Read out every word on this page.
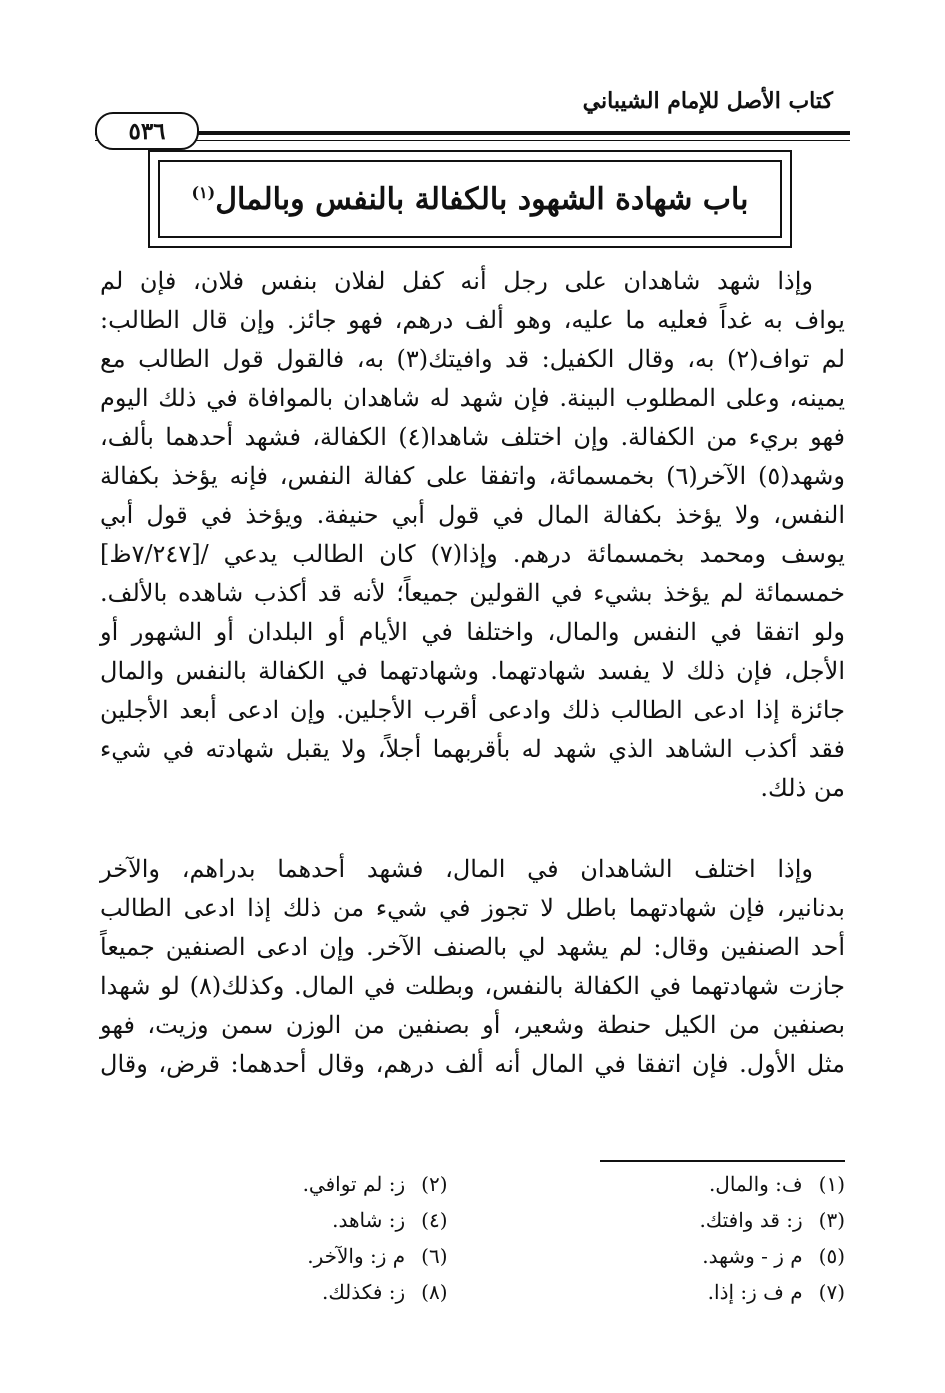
كتاب الأصل للإمام الشيباني
٥٣٦
باب شهادة الشهود بالكفالة بالنفس وبالمال$^{(١)}$
وإذا شهد شاهدان على رجل أنه كفل لفلان بنفس فلان، فإن لم
يواف به غداً فعليه ما عليه، وهو ألف درهم، فهو جائز. وإن قال الطالب:
لم تواف(٢) به، وقال الكفيل: قد وافيتك(٣) به، فالقول قول الطالب مع
يمينه، وعلى المطلوب البينة. فإن شهد له شاهدان بالموافاة في ذلك اليوم
فهو بريء من الكفالة. وإن اختلف شاهدا(٤) الكفالة، فشهد أحدهما بألف،
وشهد(٥) الآخر(٦) بخمسمائة، واتفقا على كفالة النفس، فإنه يؤخذ بكفالة
النفس، ولا يؤخذ بكفالة المال في قول أبي حنيفة. ويؤخذ في قول أبي
يوسف ومحمد بخمسمائة درهم. وإذا(٧) كان الطالب يدعي /[٧/٢٤٧ظ]
خمسمائة لم يؤخذ بشيء في القولين جميعاً؛ لأنه قد أكذب شاهده بالألف.
ولو اتفقا في النفس والمال، واختلفا في الأيام أو البلدان أو الشهور أو
الأجل، فإن ذلك لا يفسد شهادتهما. وشهادتهما في الكفالة بالنفس والمال
جائزة إذا ادعى الطالب ذلك وادعى أقرب الأجلين. وإن ادعى أبعد الأجلين
فقد أكذب الشاهد الذي شهد له بأقربهما أجلاً، ولا يقبل شهادته في شيء
من ذلك.
وإذا اختلف الشاهدان في المال، فشهد أحدهما بدراهم، والآخر
بدنانير، فإن شهادتهما باطل لا تجوز في شيء من ذلك إذا ادعى الطالب
أحد الصنفين وقال: لم يشهد لي بالصنف الآخر. وإن ادعى الصنفين جميعاً
جازت شهادتهما في الكفالة بالنفس، وبطلت في المال. وكذلك(٨) لو شهدا
بصنفين من الكيل حنطة وشعير، أو بصنفين من الوزن سمن وزيت، فهو
مثل الأول. فإن اتفقا في المال أنه ألف درهم، وقال أحدهما: قرض، وقال
(١) ف: والمال.
(٢) ز: لم توافي.
(٣) ز: قد وافتك.
(٤) ز: شاهد.
(٥) م ز - وشهد.
(٦) م ز: والآخر.
(٧) م ف ز: إذا.
(٨) ز: فكذلك.
